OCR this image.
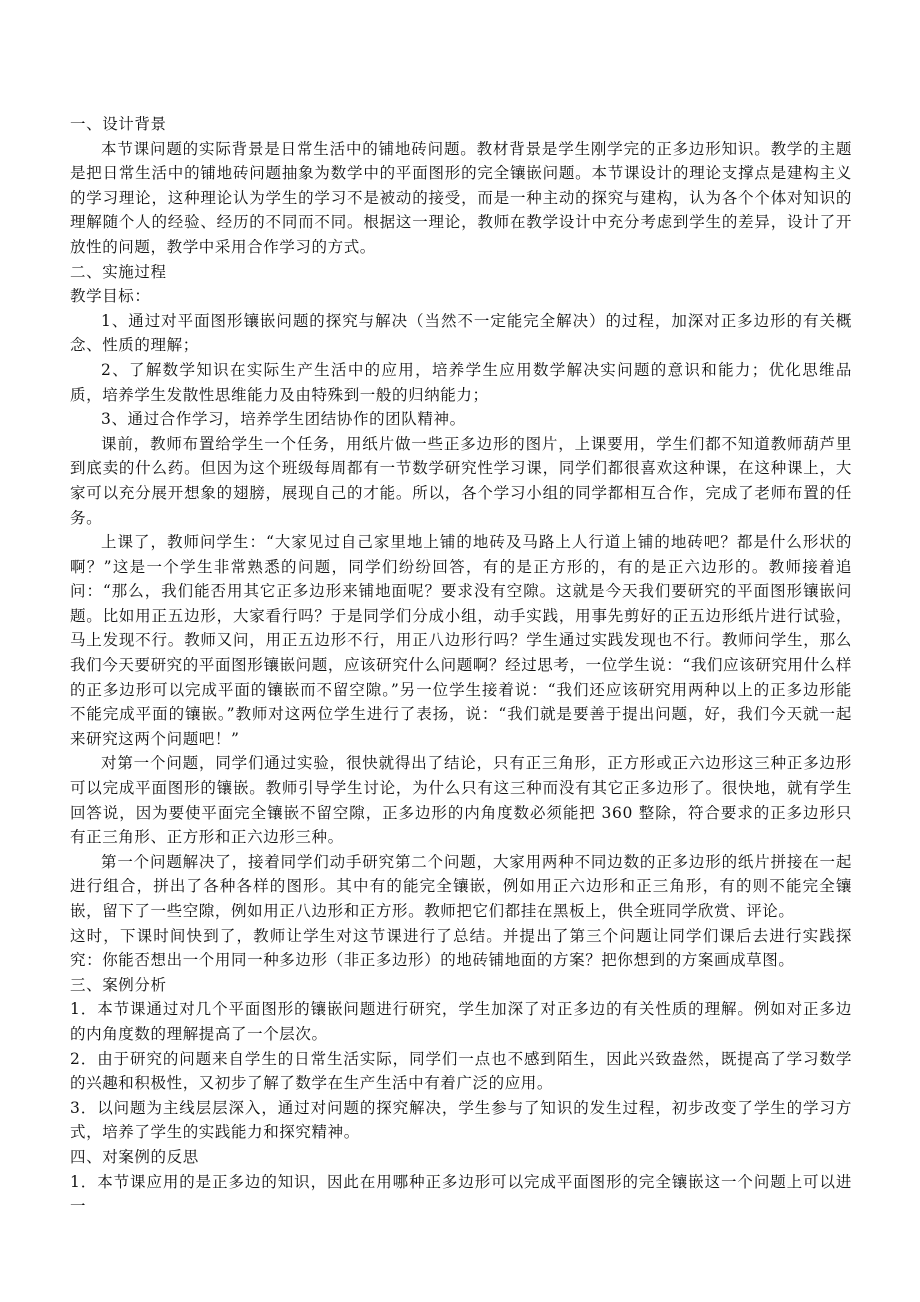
一、设计背景

本节课问题的实际背景是日常生活中的铺地砖问题。教材背景是学生刚学完的正多边形知识。教学的主题是把日常生活中的铺地砖问题抽象为数学中的平面图形的完全镶嵌问题。本节课设计的理论支撑点是建构主义的学习理论，这种理论认为学生的学习不是被动的接受，而是一种主动的探究与建构，认为各个个体对知识的理解随个人的经验、经历的不同而不同。根据这一理论，教师在教学设计中充分考虑到学生的差异，设计了开放性的问题，教学中采用合作学习的方式。

二、实施过程

教学目标：

1、通过对平面图形镶嵌问题的探究与解决（当然不一定能完全解决）的过程，加深对正多边形的有关概念、性质的理解；

2、了解数学知识在实际生产生活中的应用，培养学生应用数学解决实问题的意识和能力；优化思维品质，培养学生发散性思维能力及由特殊到一般的归纳能力；

3、通过合作学习，培养学生团结协作的团队精神。

课前，教师布置给学生一个任务，用纸片做一些正多边形的图片，上课要用，学生们都不知道教师葫芦里到底卖的什么药。但因为这个班级每周都有一节数学研究性学习课，同学们都很喜欢这种课，在这种课上，大家可以充分展开想象的翅膀，展现自己的才能。所以，各个学习小组的同学都相互合作，完成了老师布置的任务。

上课了，教师问学生：“大家见过自己家里地上铺的地砖及马路上人行道上铺的地砖吧？都是什么形状的啊？”这是一个学生非常熟悉的问题，同学们纷纷回答，有的是正方形的，有的是正六边形的。教师接着追问：“那么，我们能否用其它正多边形来铺地面呢？要求没有空隙。这就是今天我们要研究的平面图形镶嵌问题。比如用正五边形，大家看行吗？于是同学们分成小组，动手实践，用事先剪好的正五边形纸片进行试验，马上发现不行。教师又问，用正五边形不行，用正八边形行吗？学生通过实践发现也不行。教师问学生，那么我们今天要研究的平面图形镶嵌问题，应该研究什么问题啊？经过思考，一位学生说：“我们应该研究用什么样的正多边形可以完成平面的镶嵌而不留空隙。”另一位学生接着说：“我们还应该研究用两种以上的正多边形能不能完成平面的镶嵌。”教师对这两位学生进行了表扬，说：“我们就是要善于提出问题，好，我们今天就一起来研究这两个问题吧！”

对第一个问题，同学们通过实验，很快就得出了结论，只有正三角形，正方形或正六边形这三种正多边形可以完成平面图形的镶嵌。教师引导学生讨论，为什么只有这三种而没有其它正多边形了。很快地，就有学生回答说，因为要使平面完全镶嵌不留空隙，正多边形的内角度数必须能把 360 整除，符合要求的正多边形只有正三角形、正方形和正六边形三种。

第一个问题解决了，接着同学们动手研究第二个问题，大家用两种不同边数的正多边形的纸片拼接在一起进行组合，拼出了各种各样的图形。其中有的能完全镶嵌，例如用正六边形和正三角形，有的则不能完全镶嵌，留下了一些空隙，例如用正八边形和正方形。教师把它们都挂在黑板上，供全班同学欣赏、评论。

这时，下课时间快到了，教师让学生对这节课进行了总结。并提出了第三个问题让同学们课后去进行实践探究：你能否想出一个用同一种多边形（非正多边形）的地砖铺地面的方案？把你想到的方案画成草图。

三、案例分析

1．本节课通过对几个平面图形的镶嵌问题进行研究，学生加深了对正多边的有关性质的理解。例如对正多边的内角度数的理解提高了一个层次。

2．由于研究的问题来自学生的日常生活实际，同学们一点也不感到陌生，因此兴致盎然，既提高了学习数学的兴趣和积极性，又初步了解了数学在生产生活中有着广泛的应用。

3．以问题为主线层层深入，通过对问题的探究解决，学生参与了知识的发生过程，初步改变了学生的学习方式，培养了学生的实践能力和探究精神。

四、对案例的反思

1．本节课应用的是正多边的知识，因此在用哪种正多边形可以完成平面图形的完全镶嵌这一个问题上可以进一
